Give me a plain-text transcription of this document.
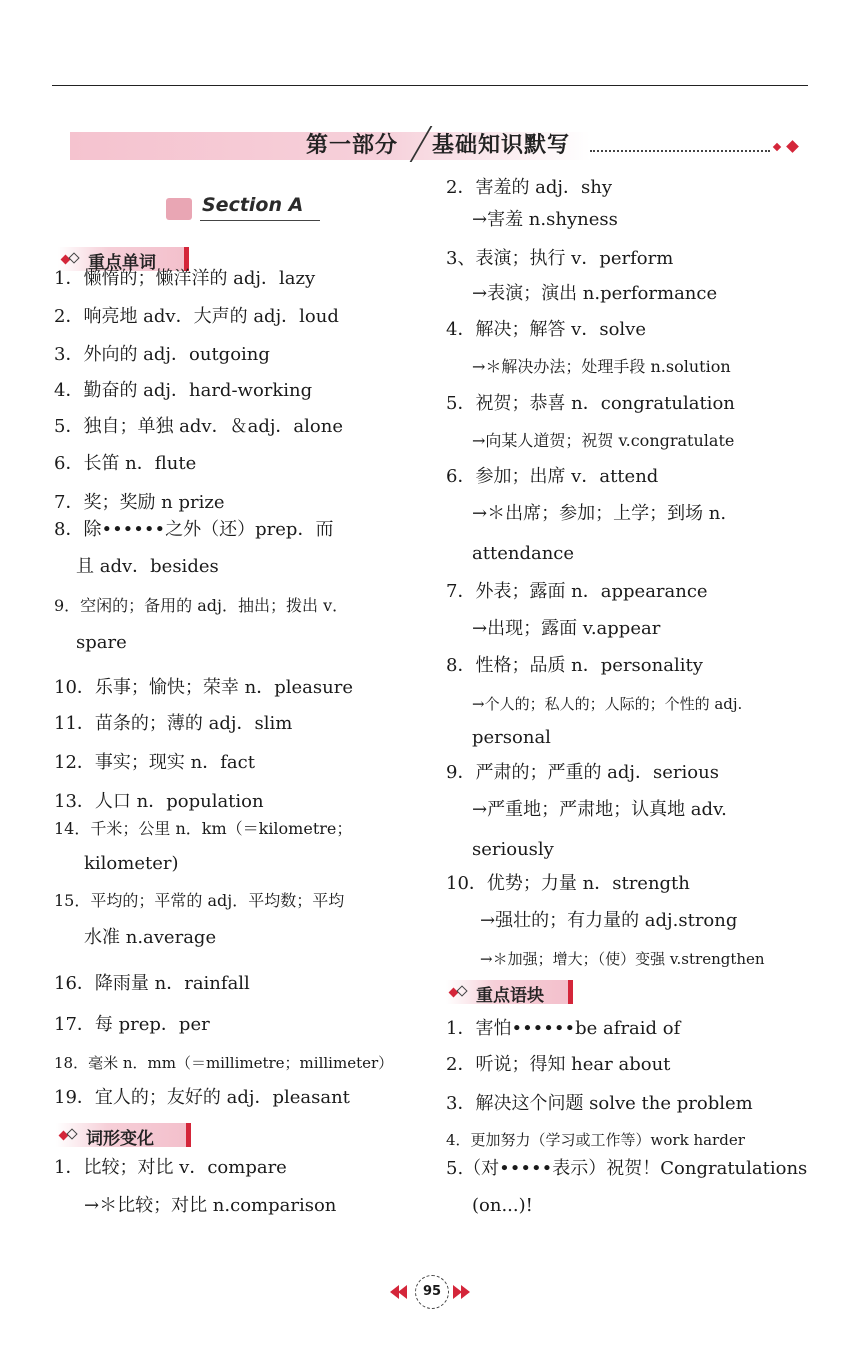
第一部分 基础知识默写
Section A
重点单词
词形变化
重点语块
1．懒惰的；懒洋洋的 adj．lazy
2．响亮地 adv．大声的 adj．loud
3．外向的 adj．outgoing
4．勤奋的 adj．hard-working
5．独自；单独 adv．＆adj．alone
6．长笛 n．flute
7．奖；奖励 n prize
8．除••••••之外（还）prep．而
且 adv．besides
9．空闲的；备用的 adj．抽出；拨出 v．
spare
10．乐事；愉快；荣幸 n．pleasure
11．苗条的；薄的 adj．slim
12．事实；现实 n．fact
13．人口 n．population
14．千米；公里 n．km（＝kilometre；
kilometer)
15．平均的；平常的 adj．平均数；平均
水准 n.average
16．降雨量 n．rainfall
17．每 prep．per
18．毫米 n．mm（＝millimetre；millimeter）
19．宜人的；友好的 adj．pleasant
1．比较；对比 v．compare
→＊比较；对比 n.comparison
2．害羞的 adj．shy
→害羞 n.shyness
3、表演；执行 v．perform
→表演；演出 n.performance
4．解决；解答 v．solve
→＊解决办法；处理手段 n.solution
5．祝贺；恭喜 n．congratulation
→向某人道贺；祝贺 v.congratulate
6．参加；出席 v．attend
→＊出席；参加；上学；到场 n.
attendance
7．外表；露面 n．appearance
→出现；露面 v.appear
8．性格；品质 n．personality
→个人的；私人的；人际的；个性的 adj.
personal
9．严肃的；严重的 adj．serious
→严重地；严肃地；认真地 adv.
seriously
10．优势；力量 n．strength
→强壮的；有力量的 adj.strong
→＊加强；增大；（使）变强 v.strengthen
1．害怕••••••be afraid of
2．听说；得知 hear about
3．解决这个问题 solve the problem
4．更加努力（学习或工作等）work harder
5.（对•••••表示）祝贺！Congratulations
(on...)!
95
